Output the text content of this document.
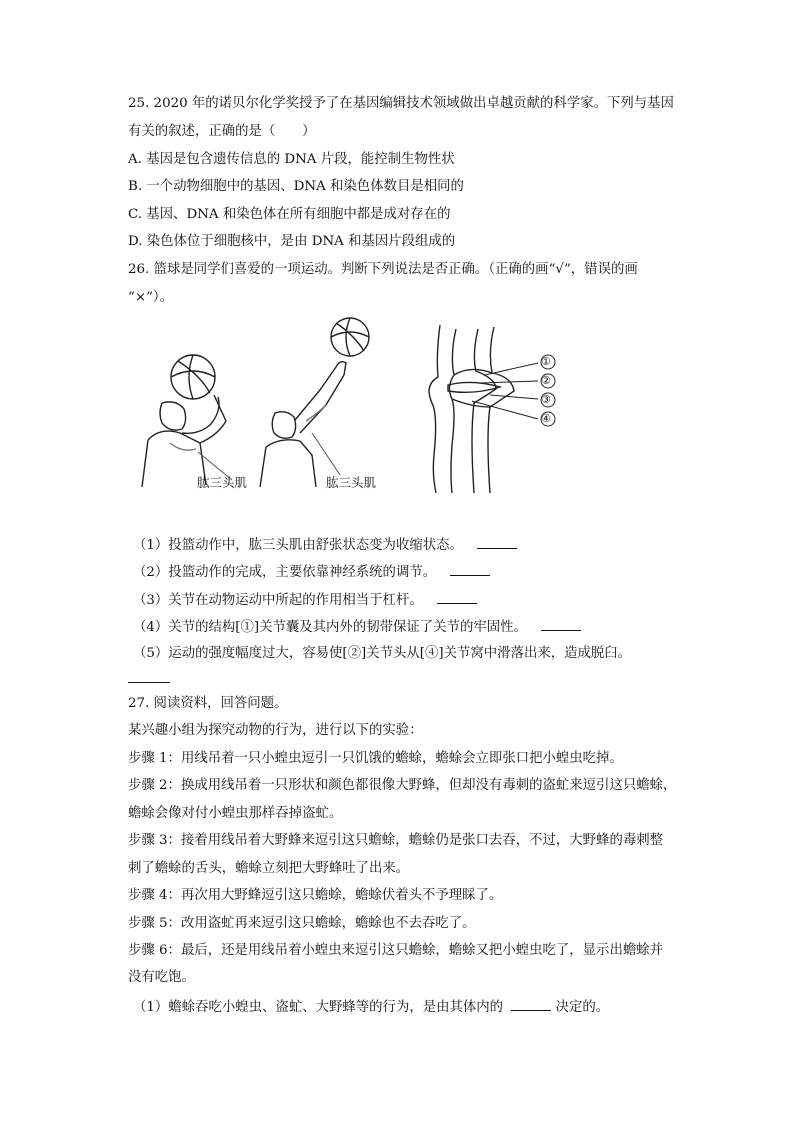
25. 2020 年的诺贝尔化学奖授予了在基因编辑技术领域做出卓越贡献的科学家。下列与基因
有关的叙述，正确的是（　　）
A. 基因是包含遗传信息的 DNA 片段，能控制生物性状
B. 一个动物细胞中的基因、DNA 和染色体数目是相同的
C. 基因、DNA 和染色体在所有细胞中都是成对存在的
D. 染色体位于细胞核中，是由 DNA 和基因片段组成的
26. 篮球是同学们喜爱的一项运动。判断下列说法是否正确。（正确的画“√”，错误的画
“×”）。
肱三头肌	肱三头肌
①
②
③
④
（1）投篮动作中，肱三头肌由舒张状态变为收缩状态。
（2）投篮动作的完成，主要依靠神经系统的调节。
（3）关节在动物运动中所起的作用相当于杠杆。
（4）关节的结构[①]关节囊及其内外的韧带保证了关节的牢固性。
（5）运动的强度幅度过大，容易使[②]关节头从[④]关节窝中滑落出来，造成脱臼。
27. 阅读资料，回答问题。
某兴趣小组为探究动物的行为，进行以下的实验：
步骤 1：用线吊着一只小蝗虫逗引一只饥饿的蟾蜍，蟾蜍会立即张口把小蝗虫吃掉。
步骤 2：换成用线吊着一只形状和颜色都很像大野蜂，但却没有毒刺的盗虻来逗引这只蟾蜍，
蟾蜍会像对付小蝗虫那样吞掉盗虻。
步骤 3：接着用线吊着大野蜂来逗引这只蟾蜍，蟾蜍仍是张口去吞，不过，大野蜂的毒刺整
刺了蟾蜍的舌头，蟾蜍立刻把大野蜂吐了出来。
步骤 4：再次用大野蜂逗引这只蟾蜍，蟾蜍伏着头不予理睬了。
步骤 5：改用盗虻再来逗引这只蟾蜍，蟾蜍也不去吞吃了。
步骤 6：最后，还是用线吊着小蝗虫来逗引这只蟾蜍，蟾蜍又把小蝗虫吃了，显示出蟾蜍并
没有吃饱。
（1）蟾蜍吞吃小蝗虫、盗虻、大野蜂等的行为，是由其体内的	决定的。
